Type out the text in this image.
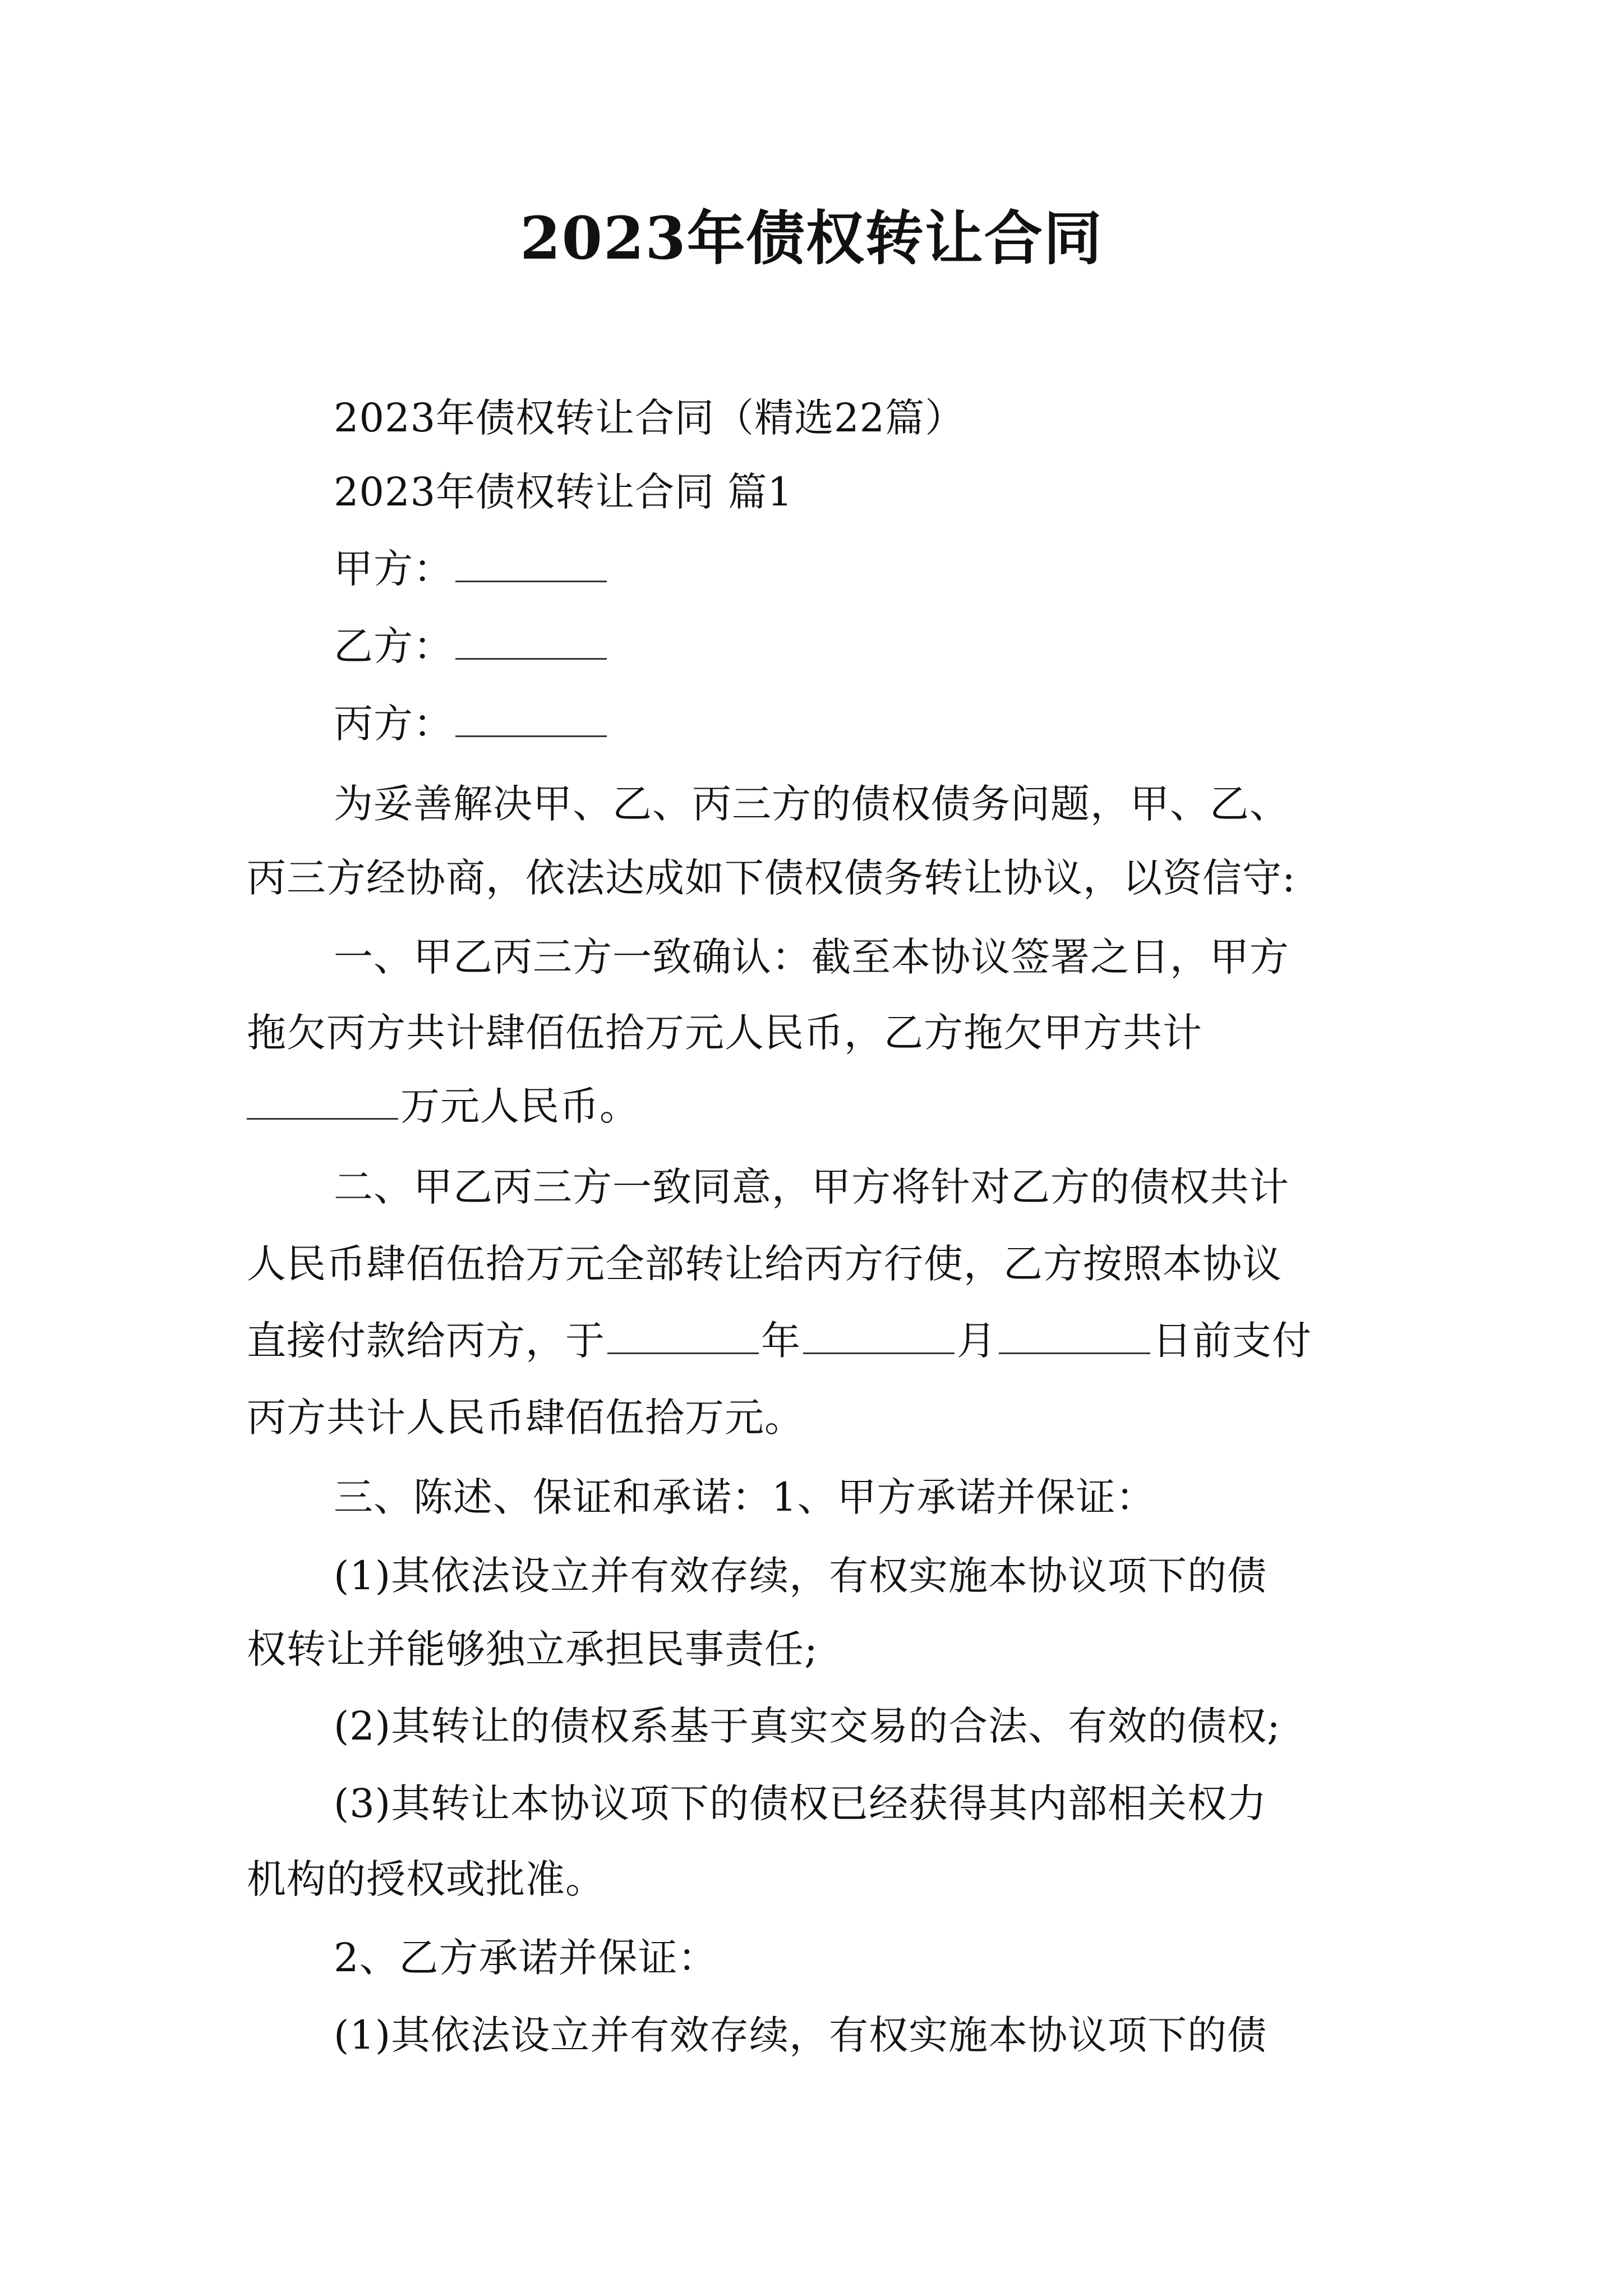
2023年债权转让合同
2023年债权转让合同（精选22篇）
2023年债权转让合同 篇1
甲方：
乙方：
丙方：
为妥善解决甲、乙、丙三方的债权债务问题，甲、乙、
丙三方经协商，依法达成如下债权债务转让协议，以资信守:
一、甲乙丙三方一致确认：截至本协议签署之日，甲方
拖欠丙方共计肆佰伍拾万元人民币，乙方拖欠甲方共计
万元人民币。
二、甲乙丙三方一致同意，甲方将针对乙方的债权共计
人民币肆佰伍拾万元全部转让给丙方行使，乙方按照本协议
直接付款给丙方，于	年	月	日前支付
丙方共计人民币肆佰伍拾万元。
三、陈述、保证和承诺：1、甲方承诺并保证：
(1)其依法设立并有效存续，有权实施本协议项下的债
权转让并能够独立承担民事责任;
(2)其转让的债权系基于真实交易的合法、有效的债权;
(3)其转让本协议项下的债权已经获得其内部相关权力
机构的授权或批准。
2、乙方承诺并保证：
(1)其依法设立并有效存续，有权实施本协议项下的债
